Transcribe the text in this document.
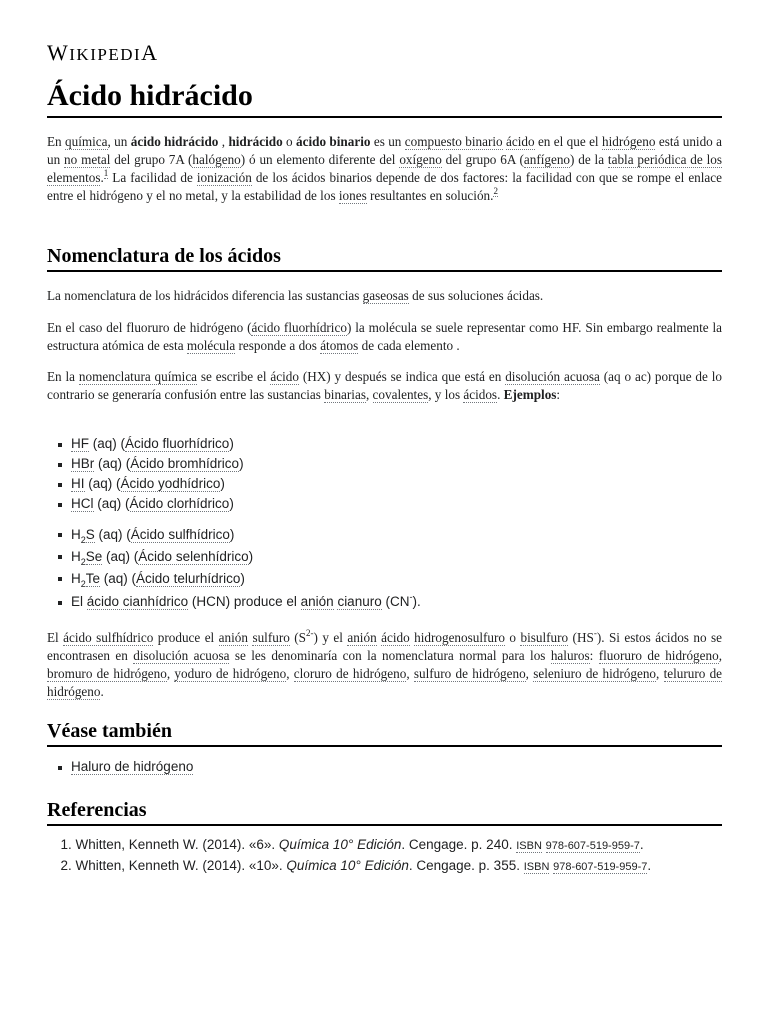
WIKIPEDIA
Ácido hidrácido

En química, un ácido hidrácido , hidrácido o ácido binario es un compuesto binario ácido en el que el hidrógeno está unido a un no metal del grupo 7A (halógeno) ó un elemento diferente del oxígeno del grupo 6A (anfígeno) de la tabla periódica de los elementos.$^1$ La facilidad de ionización de los ácidos binarios depende de dos factores: la facilidad con que se rompe el enlace entre el hidrógeno y el no metal, y la estabilidad de los iones resultantes en solución.$^2$

Nomenclatura de los ácidos

La nomenclatura de los hidrácidos diferencia las sustancias gaseosas de sus soluciones ácidas.

En el caso del fluoruro de hidrógeno (ácido fluorhídrico) la molécula se suele representar como HF. Sin embargo realmente la estructura atómica de esta molécula responde a dos átomos de cada elemento .

En la nomenclatura química se escribe el ácido (HX) y después se indica que está en disolución acuosa (aq o ac) porque de lo contrario se generaría confusión entre las sustancias binarias, covalentes, y los ácidos. Ejemplos:

HF (aq) (Ácido fluorhídrico)
HBr (aq) (Ácido bromhídrico)
HI (aq) (Ácido yodhídrico)
HCl (aq) (Ácido clorhídrico)
$H_2S$ (aq) (Ácido sulfhídrico)
$H_2Se$ (aq) (Ácido selenhídrico)
$H_2Te$ (aq) (Ácido telurhídrico)
El ácido cianhídrico (HCN) produce el anión cianuro (CN-).

El ácido sulfhídrico produce el anión sulfuro $(S^{2-})$ y el anión ácido hidrogenosulfuro o bisulfuro (HS-). Si estos ácidos no se encontrasen en disolución acuosa se les denominaría con la nomenclatura normal para los haluros: fluoruro de hidrógeno, bromuro de hidrógeno, yoduro de hidrógeno, cloruro de hidrógeno, sulfuro de hidrógeno, seleniuro de hidrógeno, telururo de hidrógeno.

Véase también
Haluro de hidrógeno
Referencias
 1. Whitten, Kenneth W. (2014). «6». Química 10° Edición. Cengage. p. 240. ISBN 978-607-519-959-7.
 2. Whitten, Kenneth W. (2014). «10». Química 10° Edición. Cengage. p. 355. ISBN 978-607-519-959-7.
